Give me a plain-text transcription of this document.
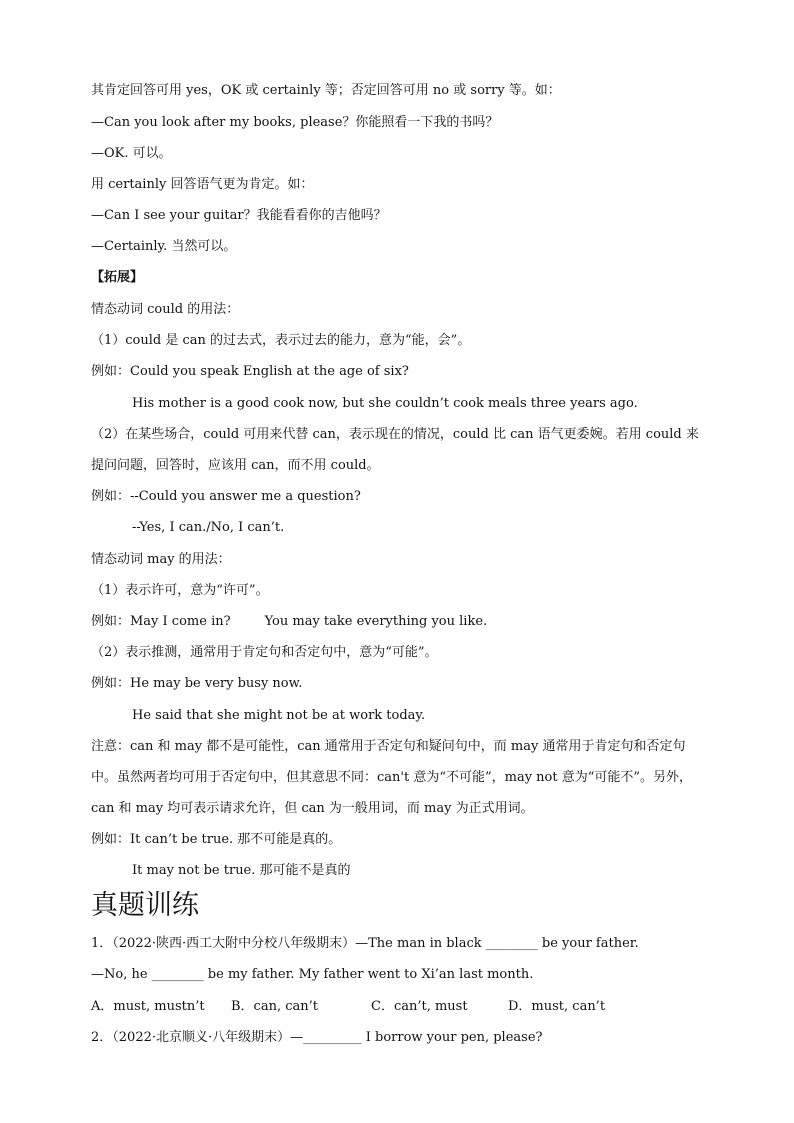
其肯定回答可用 yes，OK 或 certainly 等；否定回答可用 no 或 sorry 等。如：
—Can you look after my books, please？你能照看一下我的书吗？
—OK. 可以。
用 certainly 回答语气更为肯定。如：
—Can I see your guitar？我能看看你的吉他吗？
—Certainly. 当然可以。
【拓展】
情态动词 could 的用法：
（1）could 是 can 的过去式，表示过去的能力，意为“能，会”。
例如：Could you speak English at the age of six?
His mother is a good cook now, but she couldn’t cook meals three years ago.
（2）在某些场合，could 可用来代替 can，表示现在的情况，could 比 can 语气更委婉。若用 could 来
提问问题，回答时，应该用 can，而不用 could。
例如：--Could you answer me a question?
--Yes, I can./No, I can’t.
情态动词 may 的用法：
（1）表示许可，意为“许可”。
例如：May I come in?	You may take everything you like.
（2）表示推测，通常用于肯定句和否定句中，意为“可能”。
例如：He may be very busy now.
He said that she might not be at work today.
注意：can 和 may 都不是可能性，can 通常用于否定句和疑问句中，而 may 通常用于肯定句和否定句
中。虽然两者均可用于否定句中，但其意思不同：can't 意为“不可能”，may not 意为“可能不”。另外，
can 和 may 均可表示请求允许，但 can 为一般用词，而 may 为正式用词。
例如：It can’t be true. 那不可能是真的。
It may not be true. 那可能不是真的
真题训练
1．（2022·陕西·西工大附中分校八年级期末）—The man in black ________ be your father.
—No, he ________ be my father. My father went to Xi’an last month.
A．must, mustn’t B．can, can’t	C．can’t, must	D．must, can’t
2．（2022·北京顺义·八年级期末）—_________ I borrow your pen, please?
